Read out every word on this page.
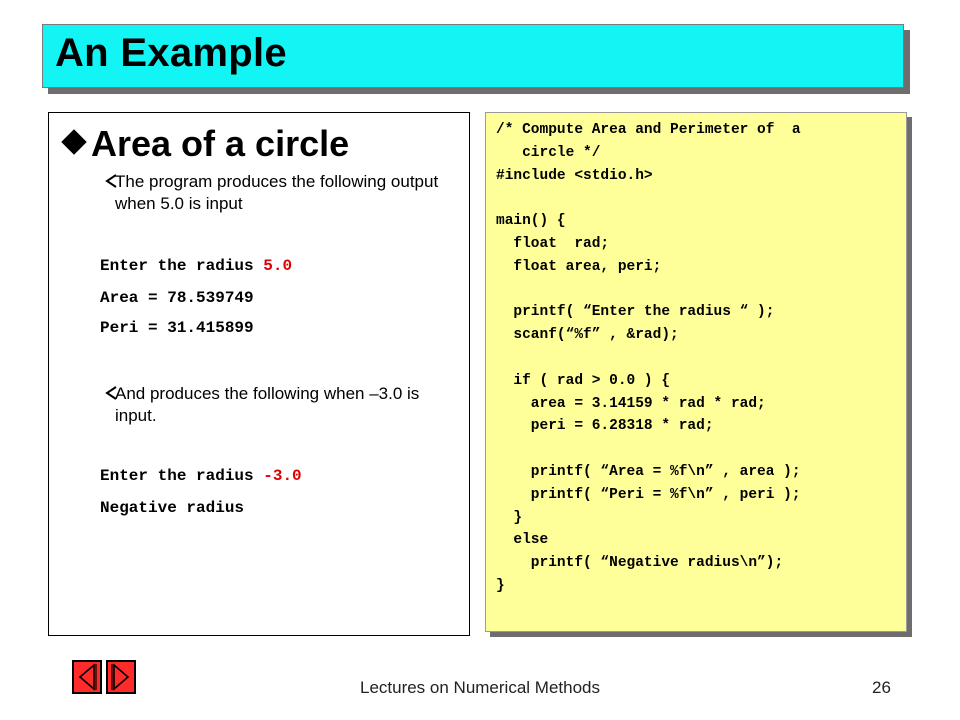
An Example
Area of a circle
The program produces the following output when 5.0 is input
Enter the radius 5.0
Area = 78.539749
Peri = 31.415899
And produces the following when –3.0 is input.
Enter the radius -3.0
Negative radius
/* Compute Area and Perimeter of  a
circle */
#include <stdio.h>
main() {
float  rad;
float area, peri;
printf( “Enter the radius “ );
scanf(“%f” , &rad);
if ( rad > 0.0 ) {
area = 3.14159 * rad * rad;
peri = 6.28318 * rad;
printf( “Area = %f\n” , area );
printf( “Peri = %f\n” , peri );
}
else
printf( “Negative radius\n”);
}
Lectures on Numerical Methods	26
